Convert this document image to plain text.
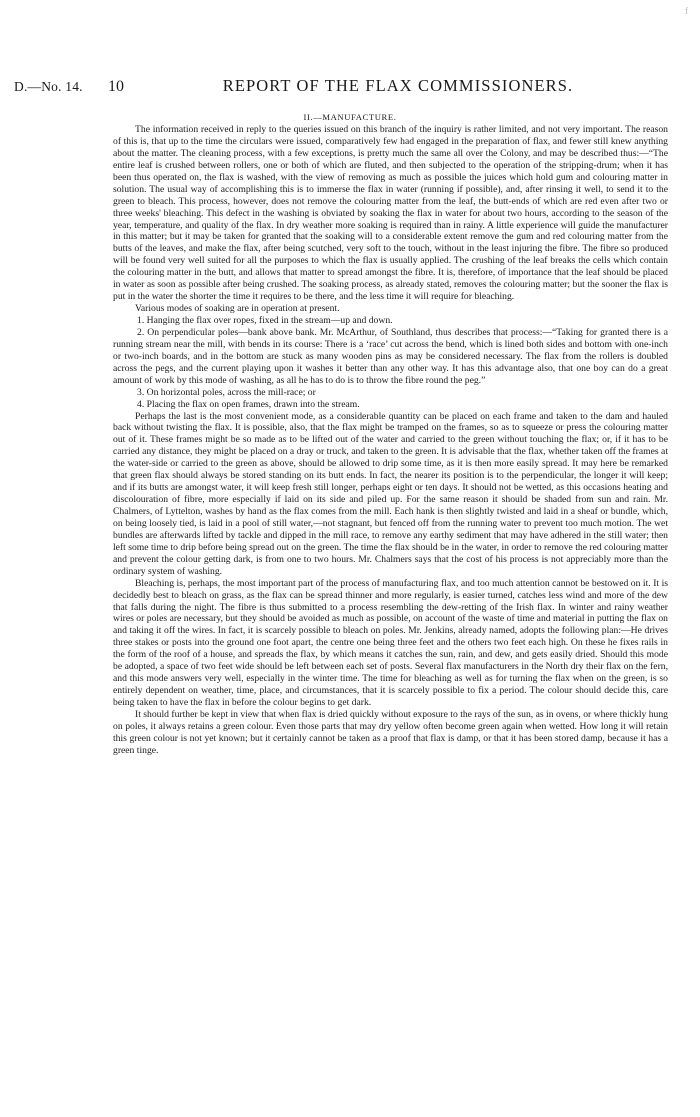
f
D.—No. 14.	10	REPORT OF THE FLAX COMMISSIONERS.
II.—MANUFACTURE.

The information received in reply to the queries issued on this branch of the inquiry is rather limited, and not very important. The reason of this is, that up to the time the circulars were issued, comparatively few had engaged in the preparation of flax, and fewer still knew anything about the matter. The cleaning process, with a few exceptions, is pretty much the same all over the Colony, and may be described thus:—“The entire leaf is crushed between rollers, one or both of which are fluted, and then subjected to the operation of the stripping-drum; when it has been thus operated on, the flax is washed, with the view of removing as much as possible the juices which hold gum and colouring matter in solution. The usual way of accomplishing this is to immerse the flax in water (running if possible), and, after rinsing it well, to send it to the green to bleach. This process, however, does not remove the colouring matter from the leaf, the butt-ends of which are red even after two or three weeks' bleaching. This defect in the washing is obviated by soaking the flax in water for about two hours, according to the season of the year, temperature, and quality of the flax. In dry weather more soaking is required than in rainy. A little experience will guide the manufacturer in this matter; but it may be taken for granted that the soaking will to a considerable extent remove the gum and red colouring matter from the butts of the leaves, and make the flax, after being scutched, very soft to the touch, without in the least injuring the fibre. The fibre so produced will be found very well suited for all the purposes to which the flax is usually applied. The crushing of the leaf breaks the cells which contain the colouring matter in the butt, and allows that matter to spread amongst the fibre. It is, therefore, of importance that the leaf should be placed in water as soon as possible after being crushed. The soaking process, as already stated, removes the colouring matter; but the sooner the flax is put in the water the shorter the time it requires to be there, and the less time it will require for bleaching.

Various modes of soaking are in operation at present.

1. Hanging the flax over ropes, fixed in the stream—up and down.

2. On perpendicular poles—bank above bank. Mr. McArthur, of Southland, thus describes that process:—“Taking for granted there is a running stream near the mill, with bends in its course: There is a ‘race’ cut across the bend, which is lined both sides and bottom with one-inch or two-inch boards, and in the bottom are stuck as many wooden pins as may be considered necessary. The flax from the rollers is doubled across the pegs, and the current playing upon it washes it better than any other way. It has this advantage also, that one boy can do a great amount of work by this mode of washing, as all he has to do is to throw the fibre round the peg.”

3. On horizontal poles, across the mill-race; or

4. Placing the flax on open frames, drawn into the stream.

Perhaps the last is the most convenient mode, as a considerable quantity can be placed on each frame and taken to the dam and hauled back without twisting the flax. It is possible, also, that the flax might be tramped on the frames, so as to squeeze or press the colouring matter out of it. These frames might be so made as to be lifted out of the water and carried to the green without touching the flax; or, if it has to be carried any distance, they might be placed on a dray or truck, and taken to the green. It is advisable that the flax, whether taken off the frames at the water-side or carried to the green as above, should be allowed to drip some time, as it is then more easily spread. It may here be remarked that green flax should always be stored standing on its butt ends. In fact, the nearer its position is to the perpendicular, the longer it will keep; and if its butts are amongst water, it will keep fresh still longer, perhaps eight or ten days. It should not be wetted, as this occasions heating and discolouration of fibre, more especially if laid on its side and piled up. For the same reason it should be shaded from sun and rain. Mr. Chalmers, of Lyttelton, washes by hand as the flax comes from the mill. Each hank is then slightly twisted and laid in a sheaf or bundle, which, on being loosely tied, is laid in a pool of still water,—not stagnant, but fenced off from the running water to prevent too much motion. The wet bundles are afterwards lifted by tackle and dipped in the mill race, to remove any earthy sediment that may have adhered in the still water; then left some time to drip before being spread out on the green. The time the flax should be in the water, in order to remove the red colouring matter and prevent the colour getting dark, is from one to two hours. Mr. Chalmers says that the cost of his process is not appreciably more than the ordinary system of washing.

Bleaching is, perhaps, the most important part of the process of manufacturing flax, and too much attention cannot be bestowed on it. It is decidedly best to bleach on grass, as the flax can be spread thinner and more regularly, is easier turned, catches less wind and more of the dew that falls during the night. The fibre is thus submitted to a process resembling the dew-retting of the Irish flax. In winter and rainy weather wires or poles are necessary, but they should be avoided as much as possible, on account of the waste of time and material in putting the flax on and taking it off the wires. In fact, it is scarcely possible to bleach on poles. Mr. Jenkins, already named, adopts the following plan:—He drives three stakes or posts into the ground one foot apart, the centre one being three feet and the others two feet each high. On these he fixes rails in the form of the roof of a house, and spreads the flax, by which means it catches the sun, rain, and dew, and gets easily dried. Should this mode be adopted, a space of two feet wide should be left between each set of posts. Several flax manufacturers in the North dry their flax on the fern, and this mode answers very well, especially in the winter time. The time for bleaching as well as for turning the flax when on the green, is so entirely dependent on weather, time, place, and circumstances, that it is scarcely possible to fix a period. The colour should decide this, care being taken to have the flax in before the colour begins to get dark.

It should further be kept in view that when flax is dried quickly without exposure to the rays of the sun, as in ovens, or where thickly hung on poles, it always retains a green colour. Even those parts that may dry yellow often become green again when wetted. How long it will retain this green colour is not yet known; but it certainly cannot be taken as a proof that flax is damp, or that it has been stored damp, because it has a green tinge.
